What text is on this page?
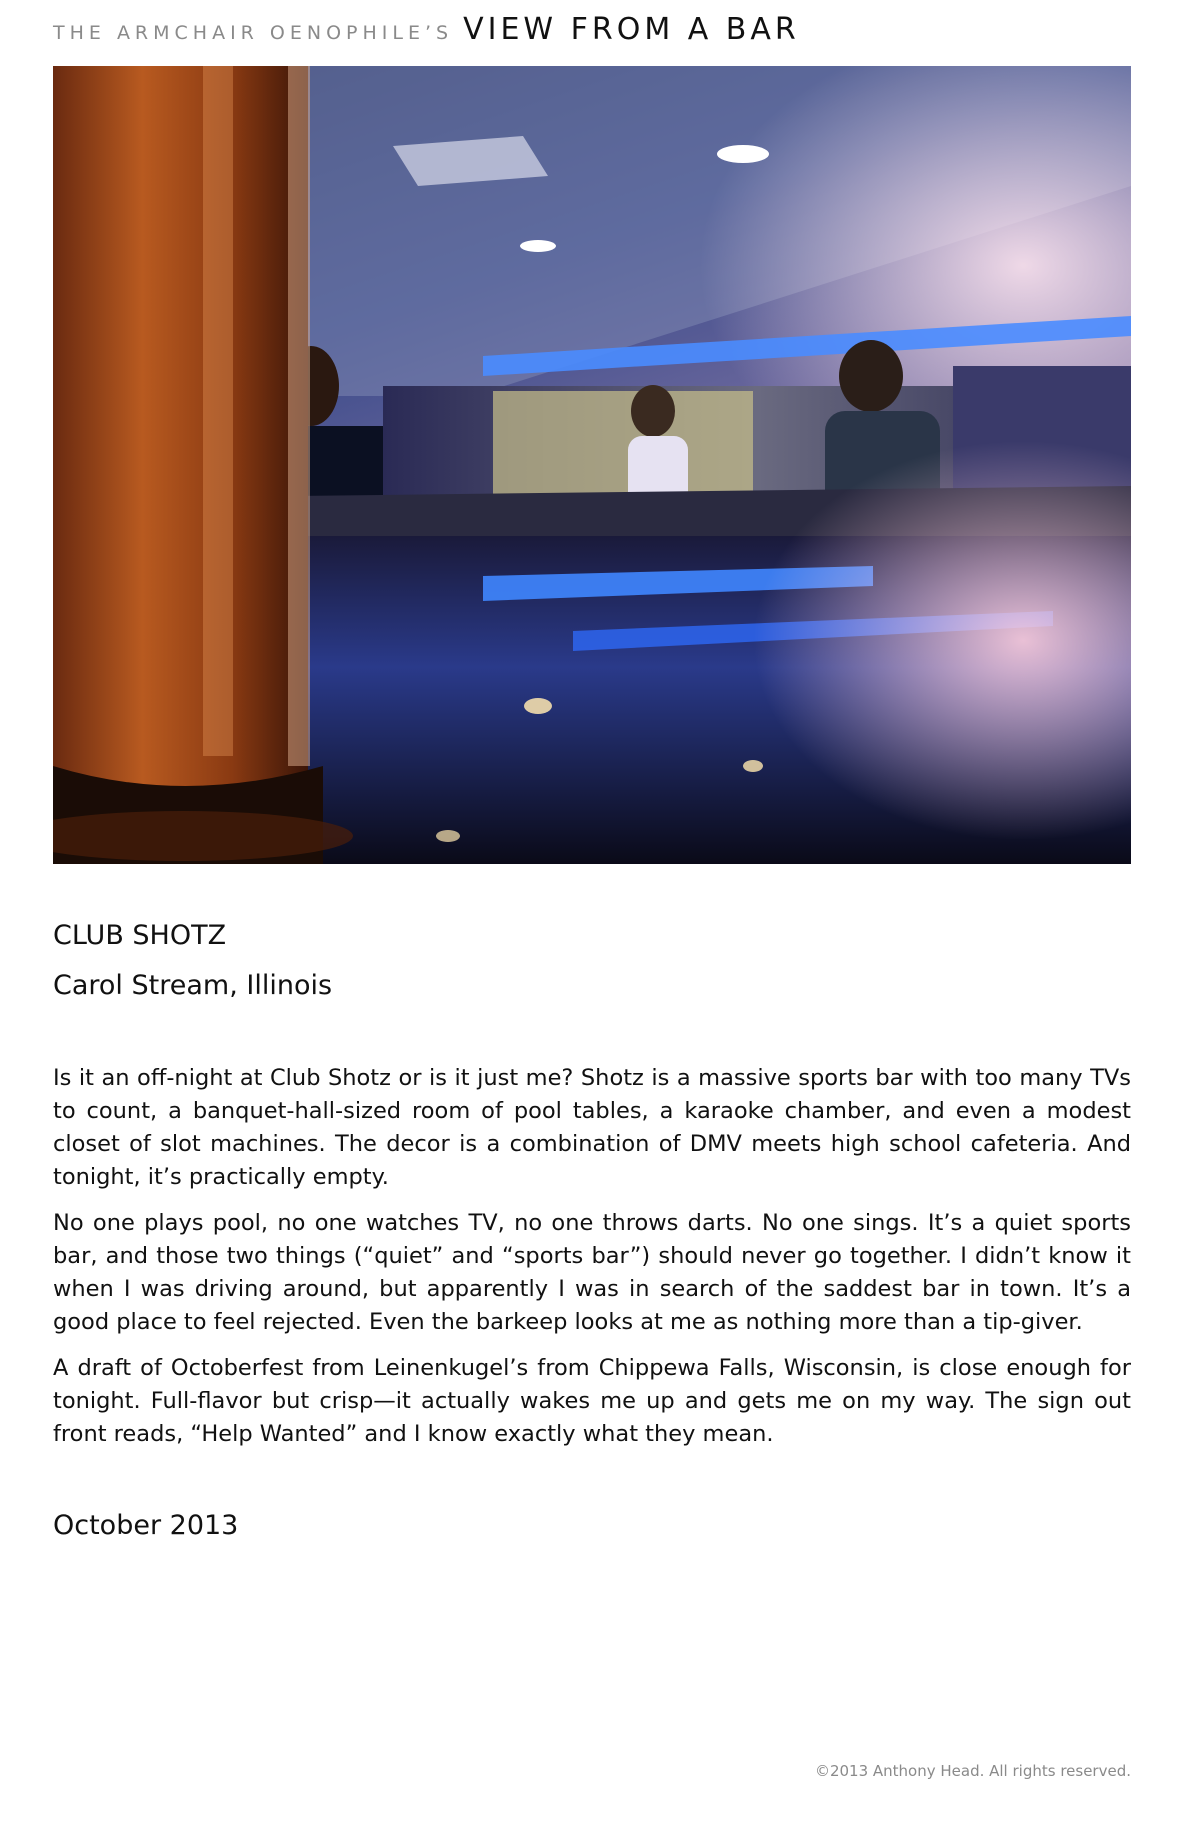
THE ARMCHAIR OENOPHILE’S VIEW FROM A BAR
CLUB SHOTZ
Carol Stream, Illinois

Is it an off-night at Club Shotz or is it just me? Shotz is a massive sports bar with too many TVs to count, a banquet-hall-sized room of pool tables, a karaoke chamber, and even a modest closet of slot machines. The decor is a combination of DMV meets high school cafeteria. And tonight, it’s practically empty.

No one plays pool, no one watches TV, no one throws darts. No one sings. It’s a quiet sports bar, and those two things (“quiet” and “sports bar”) should never go together. I didn’t know it when I was driving around, but apparently I was in search of the saddest bar in town. It’s a good place to feel rejected. Even the barkeep looks at me as nothing more than a tip-giver.

A draft of Octoberfest from Leinenkugel’s from Chippewa Falls, Wisconsin, is close enough for tonight. Full-flavor but crisp—it actually wakes me up and gets me on my way. The sign out front reads, “Help Wanted” and I know exactly what they mean.

October 2013
©2013 Anthony Head. All rights reserved.
